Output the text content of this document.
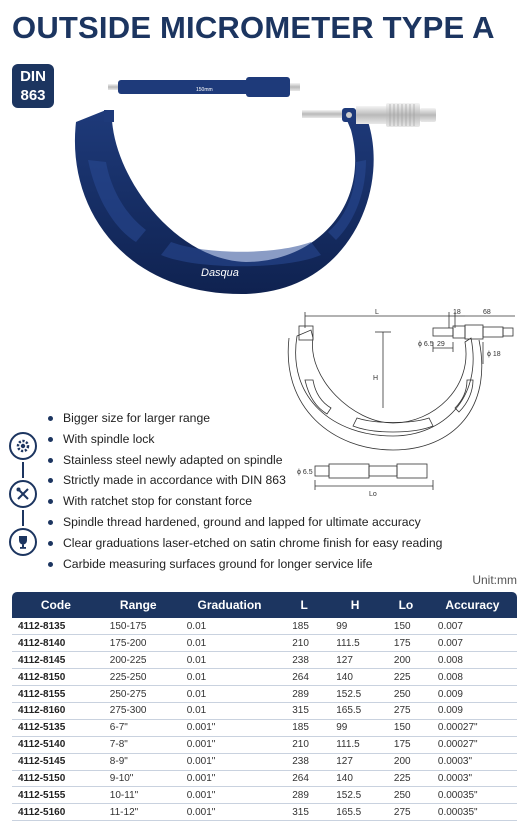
OUTSIDE MICROMETER TYPE A
DIN
863	150mm
Dasqua
L	18	68
ϕ 6.5 29
ϕ 18
H
ϕ 6.5
Lo
Bigger size for larger range
With spindle lock
Stainless steel newly adapted on spindle
Strictly made in accordance with DIN 863
With ratchet stop for constant force
Spindle thread hardened, ground and lapped for ultimate accuracy
Clear graduations laser-etched on satin chrome finish for easy reading
Carbide measuring surfaces ground for longer service life
Unit:mm
Code	Range	Graduation	L	H	Lo	Accuracy
4112-8135	150-175	0.01	185	99	150	0.007
4112-8140	175-200	0.01	210	111.5	175	0.007
4112-8145	200-225	0.01	238	127	200	0.008
4112-8150	225-250	0.01	264	140	225	0.008
4112-8155	250-275	0.01	289	152.5	250	0.009
4112-8160	275-300	0.01	315	165.5	275	0.009
4112-5135	6-7"	0.001"	185	99	150	0.00027"
4112-5140	7-8"	0.001"	210	111.5	175	0.00027"
4112-5145	8-9"	0.001"	238	127	200	0.0003"
4112-5150	9-10"	0.001"	264	140	225	0.0003"
4112-5155	10-11"	0.001"	289	152.5	250	0.00035"
4112-5160	11-12"	0.001"	315	165.5	275	0.00035"
